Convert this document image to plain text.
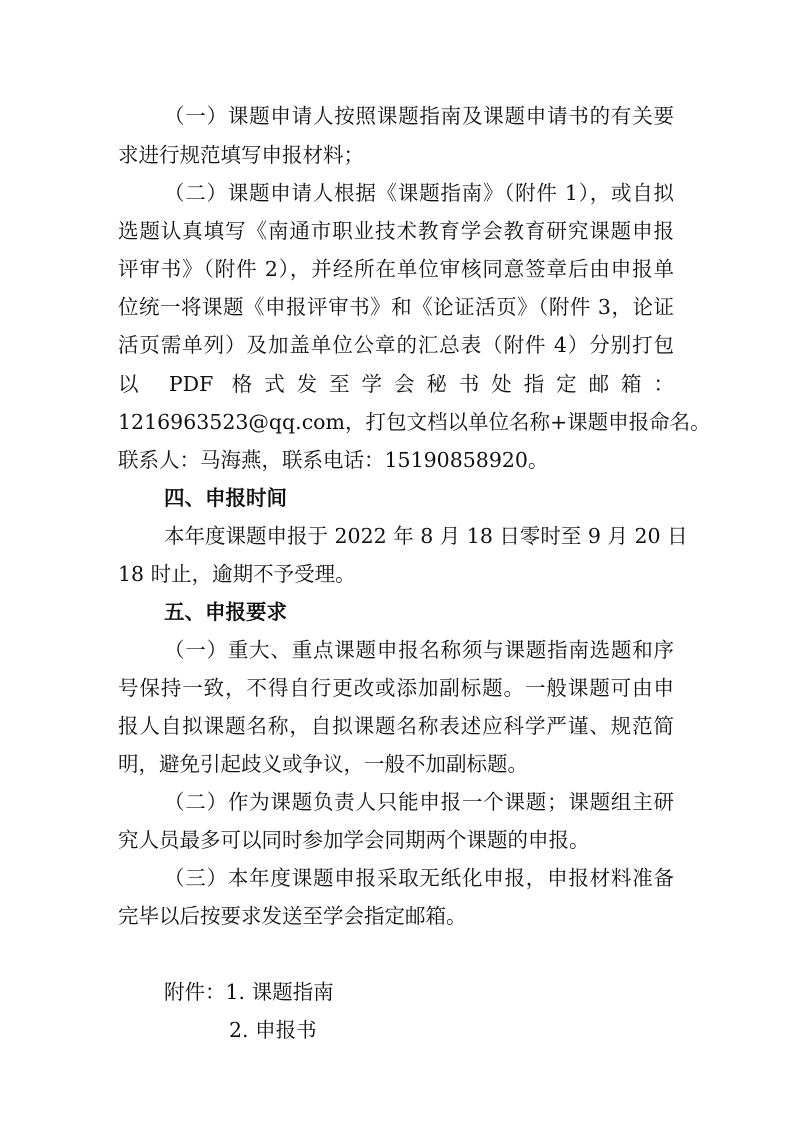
（一）课题申请人按照课题指南及课题申请书的有关要
求进行规范填写申报材料；
（二）课题申请人根据《课题指南》（附件 1），或自拟
选题认真填写《南通市职业技术教育学会教育研究课题申报
评审书》（附件 2），并经所在单位审核同意签章后由申报单
位统一将课题《申报评审书》和《论证活页》（附件 3，论证
活页需单列）及加盖单位公章的汇总表（附件 4）分别打包
以 PDF 格式发至学会秘书处指定邮箱：
1216963523@qq.com，打包文档以单位名称+课题申报命名。
联系人：马海燕，联系电话：15190858920。
四、申报时间
本年度课题申报于 2022 年 8 月 18 日零时至 9 月 20 日
18 时止，逾期不予受理。
五、申报要求
（一）重大、重点课题申报名称须与课题指南选题和序
号保持一致，不得自行更改或添加副标题。一般课题可由申
报人自拟课题名称，自拟课题名称表述应科学严谨、规范简
明，避免引起歧义或争议，一般不加副标题。
（二）作为课题负责人只能申报一个课题；课题组主研
究人员最多可以同时参加学会同期两个课题的申报。
（三）本年度课题申报采取无纸化申报，申报材料准备
完毕以后按要求发送至学会指定邮箱。
附件：1. 课题指南
2. 申报书
